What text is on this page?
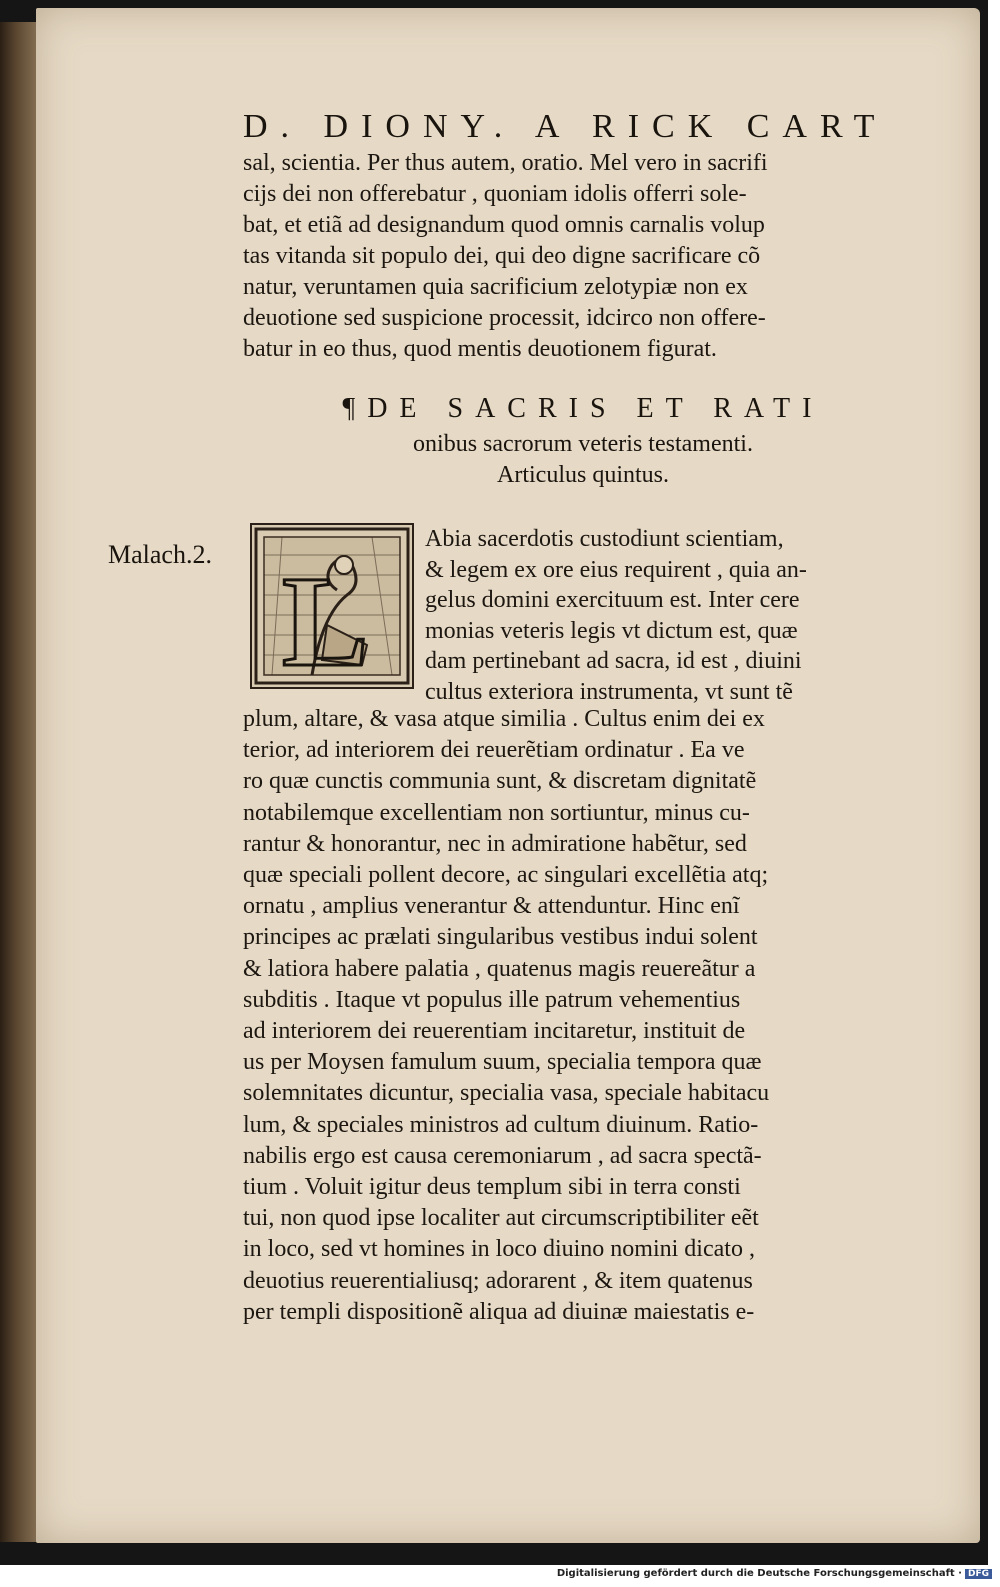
D. DIONY. A RICK CART
sal, scientia. Per thus autem, oratio. Mel vero in sacrifi
cijs dei non offerebatur , quoniam idolis offerri sole-
bat, et etiã ad designandum quod omnis carnalis volup
tas vitanda sit populo dei, qui deo digne sacrificare cõ
natur, veruntamen quia sacrificium zelotypiæ non ex
deuotione sed suspicione processit, idcirco non offere-
batur in eo thus, quod mentis deuotionem figurat.
¶DE SACRIS ET RATI
onibus sacrorum veteris testamenti.
Articulus quintus.
Malach.2. L
Abia sacerdotis custodiunt scientiam,
& legem ex ore eius requirent , quia an-
gelus domini exercituum est. Inter cere
monias veteris legis vt dictum est, quæ
dam pertinebant ad sacra, id est , diuini
cultus exteriora instrumenta, vt sunt tẽ
plum, altare, & vasa atque similia . Cultus enim dei ex
terior, ad interiorem dei reuerẽtiam ordinatur . Ea ve
ro quæ cunctis communia sunt, & discretam dignitatẽ
notabilemque excellentiam non sortiuntur, minus cu-
rantur & honorantur, nec in admiratione habẽtur, sed
quæ speciali pollent decore, ac singulari excellẽtia atq;
ornatu , amplius venerantur & attenduntur. Hinc enĩ
principes ac prælati singularibus vestibus indui solent
& latiora habere palatia , quatenus magis reuereãtur a
subditis . Itaque vt populus ille patrum vehementius
ad interiorem dei reuerentiam incitaretur, instituit de
us per Moysen famulum suum, specialia tempora quæ
solemnitates dicuntur, specialia vasa, speciale habitacu
lum, & speciales ministros ad cultum diuinum. Ratio-
nabilis ergo est causa ceremoniarum , ad sacra spectã-
tium . Voluit igitur deus templum sibi in terra consti
tui, non quod ipse localiter aut circumscriptibiliter eẽt
in loco, sed vt homines in loco diuino nomini dicato ,
deuotius reuerentialiusq; adorarent , & item quatenus
per templi dispositionẽ aliqua ad diuinæ maiestatis e-
Digitalisierung gefördert durch die Deutsche Forschungsgemeinschaft · DFG
